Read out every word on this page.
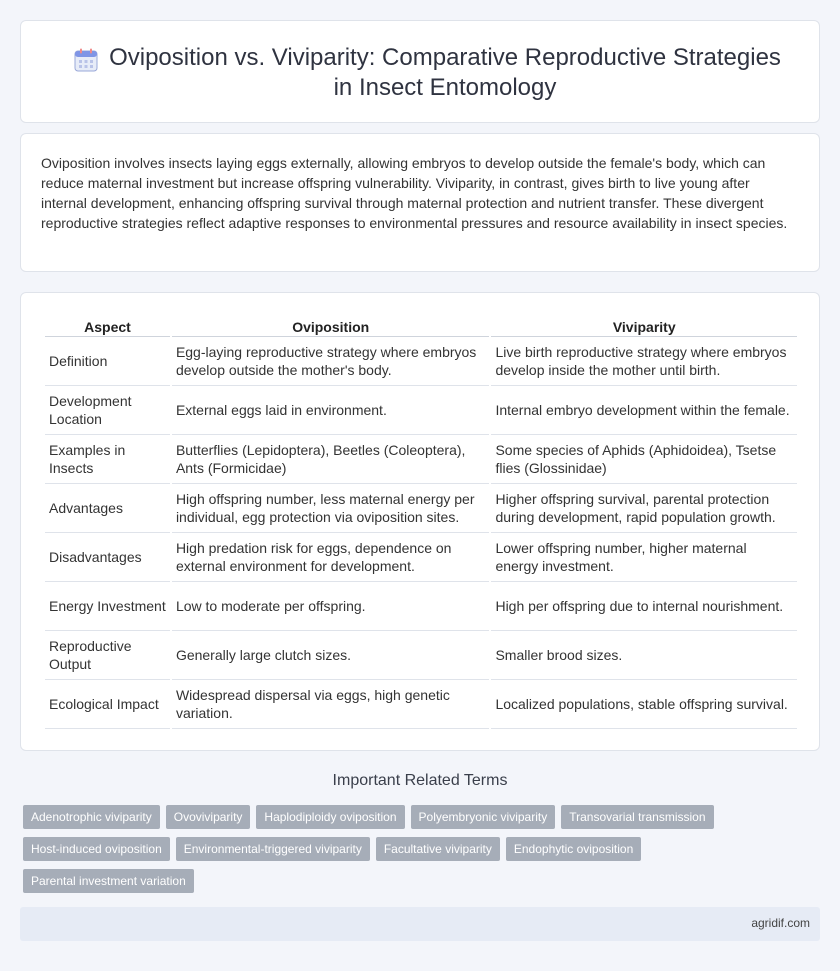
Oviposition vs. Viviparity: Comparative Reproductive Strategies in Insect Entomology

Oviposition involves insects laying eggs externally, allowing embryos to develop outside the female's body, which can reduce maternal investment but increase offspring vulnerability. Viviparity, in contrast, gives birth to live young after internal development, enhancing offspring survival through maternal protection and nutrient transfer. These divergent reproductive strategies reflect adaptive responses to environmental pressures and resource availability in insect species.

Aspect	Oviposition	Viviparity
Definition	Egg-laying reproductive strategy where embryos develop outside the mother's body.	Live birth reproductive strategy where embryos develop inside the mother until birth.
Development Location	External eggs laid in environment.	Internal embryo development within the female.
Examples in Insects	Butterflies (Lepidoptera), Beetles (Coleoptera), Ants (Formicidae)	Some species of Aphids (Aphidoidea), Tsetse flies (Glossinidae)
Advantages	High offspring number, less maternal energy per individual, egg protection via oviposition sites.	Higher offspring survival, parental protection during development, rapid population growth.
Disadvantages	High predation risk for eggs, dependence on external environment for development.	Lower offspring number, higher maternal energy investment.
Energy Investment	Low to moderate per offspring.	High per offspring due to internal nourishment.
Reproductive Output	Generally large clutch sizes.	Smaller brood sizes.
Ecological Impact	Widespread dispersal via eggs, high genetic variation.	Localized populations, stable offspring survival.
Important Related Terms
Adenotrophic viviparity	Ovoviviparity	Haplodiploidy oviposition	Polyembryonic viviparity	Transovarial transmission
Host-induced oviposition	Environmental-triggered viviparity	Facultative viviparity	Endophytic oviposition
Parental investment variation
agridif.com
